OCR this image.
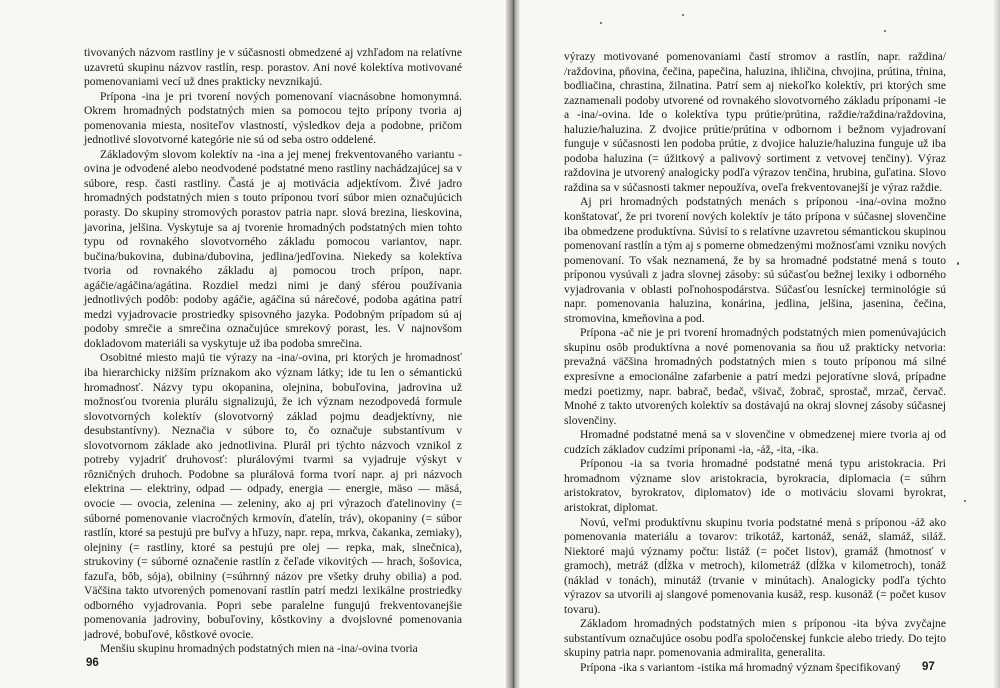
tivovaných názvom rastliny je v súčasnosti obmedzené aj vzhľadom na relatívne uzavretú skupinu názvov rastlín, resp. porastov. Ani nové kolektíva motivované pomenovaniami vecí už dnes prakticky nevznikajú.

Prípona -ina je pri tvorení nových pomenovaní viacnásobne homonymná. Okrem hromadných podstatných mien sa pomocou tejto prípony tvoria aj pomenovania miesta, nositeľov vlastností, výsledkov deja a podobne, pričom jednotlivé slovotvorné kategórie nie sú od seba ostro oddelené.

Základovým slovom kolektív na -ina a jej menej frekventovaného variantu -ovina je odvodené alebo neodvodené podstatné meno rastliny nachádzajúcej sa v súbore, resp. časti rastliny. Častá je aj motivácia adjektívom. Živé jadro hromadných podstatných mien s touto príponou tvorí súbor mien označujúcich porasty. Do skupiny stromových porastov patria napr. slová brezina, lieskovina, javorina, jelšina. Vyskytuje sa aj tvorenie hromadných podstatných mien tohto typu od rovnakého slovotvorného základu pomocou variantov, napr. bučina/bukovina, dubina/dubovina, jedlina/jedľovina. Niekedy sa kolektíva tvoria od rovnakého základu aj pomocou troch prípon, napr. agáčie/agáčina/agátina. Rozdiel medzi nimi je daný sférou používania jednotlivých podôb: podoby agáčie, agáčina sú nárečové, podoba agátina patrí medzi vyjadrovacie prostriedky spisovného jazyka. Podobným prípadom sú aj podoby smrečie a smrečina označujúce smrekový porast, les. V najnovšom dokladovom materiáli sa vyskytuje už iba podoba smrečina.

Osobitné miesto majú tie výrazy na -ina/-ovina, pri ktorých je hromadnosť iba hierarchicky nižším príznakom ako význam látky; ide tu len o sémantickú hromadnosť. Názvy typu okopanina, olejnina, bobuľovina, jadrovina už možnosťou tvorenia plurálu signalizujú, že ich význam nezodpovedá formule slovotvorných kolektív (slovotvorný základ pojmu deadjektívny, nie desubstantívny). Neznačia v súbore to, čo označuje substantívum v slovotvornom základe ako jednotlivina. Plurál pri týchto názvoch vznikol z potreby vyjadriť druhovosť: plurálovými tvarmi sa vyjadruje výskyt v rôzničných druhoch. Podobne sa plurálová forma tvorí napr. aj pri názvoch elektrina — elektriny, odpad — odpady, energia — energie, mäso — mäsá, ovocie — ovocia, zelenina — zeleniny, ako aj pri výrazoch ďatelinoviny (= súborné pomenovanie viacročných krmovín, ďatelín, tráv), okopaniny (= súbor rastlín, ktoré sa pestujú pre buľvy a hľuzy, napr. repa, mrkva, čakanka, zemiaky), olejniny (= rastliny, ktoré sa pestujú pre olej — repka, mak, slnečnica), strukoviny (= súborné označenie rastlín z čeľade vikovitých — hrach, šošovica, fazuľa, bôb, sója), obilniny (=súhrnný názov pre všetky druhy obilia) a pod. Väčšina takto utvorených pomenovaní rastlín patrí medzi lexikálne prostriedky odborného vyjadrovania. Popri sebe paralelne fungujú frekventovanejšie pomenovania jadroviny, bobuľoviny, kôstkoviny a dvojslovné pomenovania jadrové, bobuľové, kôstkové ovocie.

Menšiu skupinu hromadných podstatných mien na -ina/-ovina tvoria

96

výrazy motivované pomenovaniami častí stromov a rastlín, napr. raždina/ /raždovina, pňovina, čečina, papečina, haluzina, ihličina, chvojina, prútina, tŕnina, bodliačina, chrastina, žilnatina. Patrí sem aj niekoľko kolektív, pri ktorých sme zaznamenali podoby utvorené od rovnakého slovotvorného základu príponami -ie a -ina/-ovina. Ide o kolektíva typu prútie/prútina, raždie/raždina/raždovina, haluzie/haluzina. Z dvojice prútie/prútina v odbornom i bežnom vyjadrovaní funguje v súčasnosti len podoba prútie, z dvojice haluzie/haluzina funguje už iba podoba haluzina (= úžitkový a palivový sortiment z vetvovej tenčiny). Výraz raždovina je utvorený analogicky podľa výrazov tenčina, hrubina, guľatina. Slovo raždina sa v súčasnosti takmer nepoužíva, oveľa frekventovanejší je výraz raždie.

Aj pri hromadných podstatných menách s príponou -ina/-ovina možno konštatovať, že pri tvorení nových kolektív je táto prípona v súčasnej slovenčine iba obmedzene produktívna. Súvisí to s relatívne uzavretou sémantickou skupinou pomenovaní rastlín a tým aj s pomerne obmedzenými možnosťami vzniku nových pomenovaní. To však neznamená, že by sa hromadné podstatné mená s touto príponou vysúvali z jadra slovnej zásoby: sú súčasťou bežnej lexiky i odborného vyjadrovania v oblasti poľnohospodárstva. Súčasťou lesníckej terminológie sú napr. pomenovania haluzina, konárina, jedlina, jelšina, jasenina, čečina, stromovina, kmeňovina a pod.

Prípona -ač nie je pri tvorení hromadných podstatných mien pomenúvajúcich skupinu osôb produktívna a nové pomenovania sa ňou už prakticky netvoria: prevažná väčšina hromadných podstatných mien s touto príponou má silné expresívne a emocionálne zafarbenie a patrí medzi pejoratívne slová, prípadne medzi poetizmy, napr. babrač, bedač, všivač, žobrač, sprostač, mrzač, červač. Mnohé z takto utvorených kolektív sa dostávajú na okraj slovnej zásoby súčasnej slovenčiny.

Hromadné podstatné mená sa v slovenčine v obmedzenej miere tvoria aj od cudzích základov cudzími príponami -ia, -áž, -ita, -ika.

Príponou -ia sa tvoria hromadné podstatné mená typu aristokracia. Pri hromadnom význame slov aristokracia, byrokracia, diplomacia (= súhrn aristokratov, byrokratov, diplomatov) ide o motiváciu slovami byrokrat, aristokrat, diplomat.

Novú, veľmi produktívnu skupinu tvoria podstatné mená s príponou -áž ako pomenovania materiálu a tovarov: trikotáž, kartonáž, senáž, slamáž, siláž. Niektoré majú významy počtu: listáž (= počet listov), gramáž (hmotnosť v gramoch), metráž (dĺžka v metroch), kilometráž (dĺžka v kilometroch), tonáž (náklad v tonách), minutáž (trvanie v minútach). Analogicky podľa týchto výrazov sa utvorili aj slangové pomenovania kusáž, resp. kusonáž (= počet kusov tovaru).

Základom hromadných podstatných mien s príponou -ita býva zvyčajne substantívum označujúce osobu podľa spoločenskej funkcie alebo triedy. Do tejto skupiny patria napr. pomenovania admiralita, generalita.

Prípona -ika s variantom -istika má hromadný význam špecifikovaný	97
